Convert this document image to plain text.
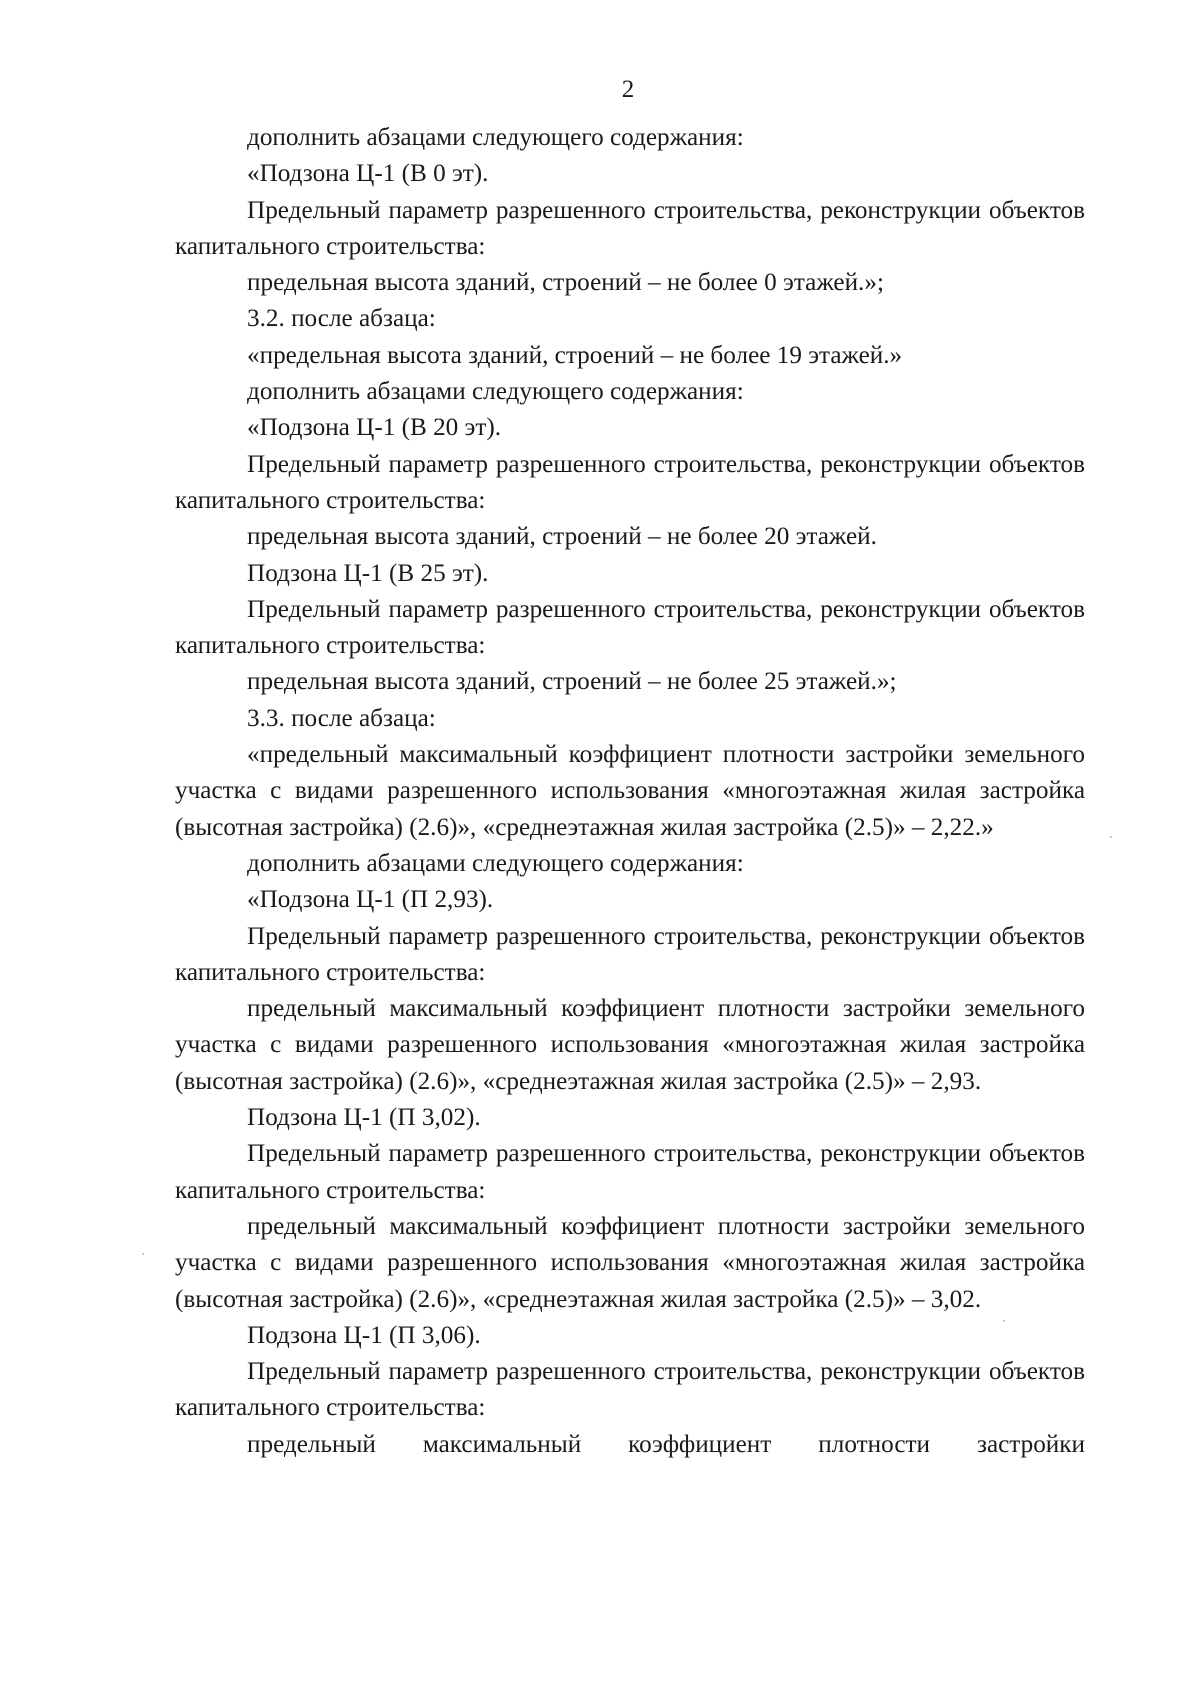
2

дополнить абзацами следующего содержания:

«Подзона Ц-1 (В 0 эт).

Предельный параметр разрешенного строительства, реконструкции объектов капитального строительства:

предельная высота зданий, строений – не более 0 этажей.»;

3.2. после абзаца:

«предельная высота зданий, строений – не более 19 этажей.»

дополнить абзацами следующего содержания:

«Подзона Ц-1 (В 20 эт).

Предельный параметр разрешенного строительства, реконструкции объектов капитального строительства:

предельная высота зданий, строений – не более 20 этажей.

Подзона Ц-1 (В 25 эт).

Предельный параметр разрешенного строительства, реконструкции объектов капитального строительства:

предельная высота зданий, строений – не более 25 этажей.»;

3.3. после абзаца:

«предельный максимальный коэффициент плотности застройки земельного участка с видами разрешенного использования «многоэтажная жилая застройка (высотная застройка) (2.6)», «среднеэтажная жилая застройка (2.5)» – 2,22.»

дополнить абзацами следующего содержания:

«Подзона Ц-1 (П 2,93).

Предельный параметр разрешенного строительства, реконструкции объектов капитального строительства:

предельный максимальный коэффициент плотности застройки земельного участка с видами разрешенного использования «многоэтажная жилая застройка (высотная застройка) (2.6)», «среднеэтажная жилая застройка (2.5)» – 2,93.

Подзона Ц-1 (П 3,02).

Предельный параметр разрешенного строительства, реконструкции объектов капитального строительства:

предельный максимальный коэффициент плотности застройки земельного участка с видами разрешенного использования «многоэтажная жилая застройка (высотная застройка) (2.6)», «среднеэтажная жилая застройка (2.5)» – 3,02.

Подзона Ц-1 (П 3,06).

Предельный параметр разрешенного строительства, реконструкции объектов капитального строительства:

предельный максимальный коэффициент плотности застройки
